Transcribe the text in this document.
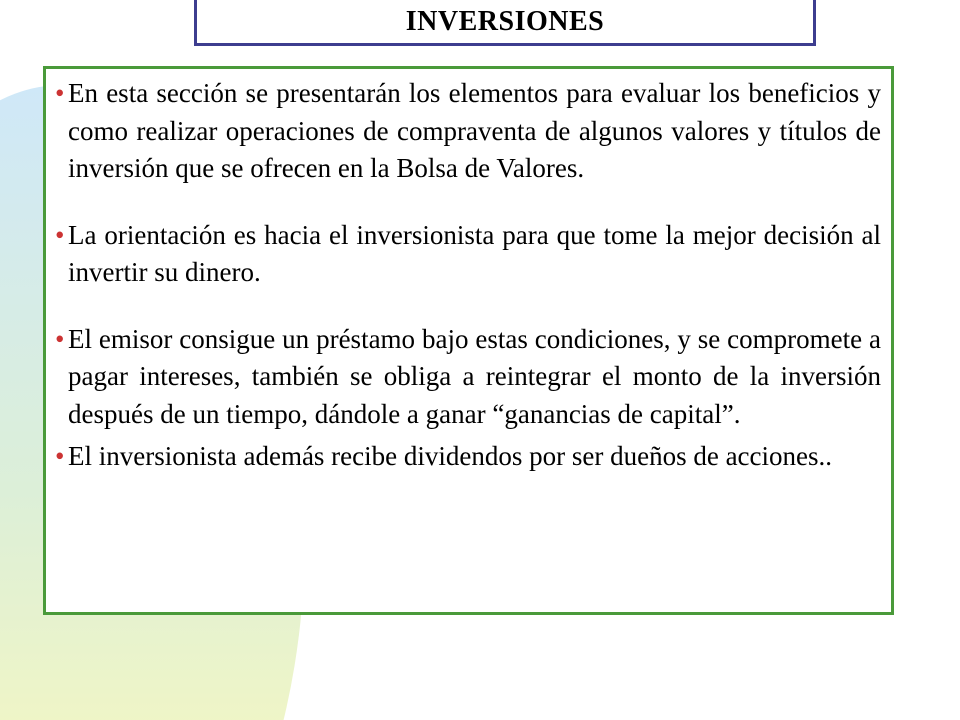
INVERSIONES
• En esta sección se presentarán los elementos para evaluar los beneficios y como realizar operaciones de compraventa de algunos valores y títulos de inversión que se ofrecen en la Bolsa de Valores.
• La orientación es hacia el inversionista para que tome la mejor decisión al invertir su dinero.
• El emisor consigue un préstamo bajo estas condiciones, y se compromete a pagar intereses, también se obliga a reintegrar el monto de la inversión después de un tiempo, dándole a ganar “ganancias de capital”.
• El inversionista además recibe dividendos por ser dueños de acciones..
